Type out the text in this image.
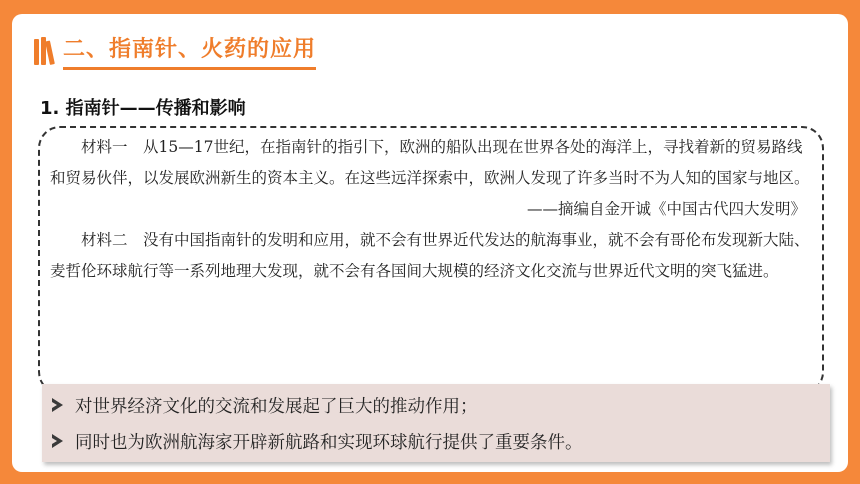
二、指南针、火药的应用
1. 指南针——传播和影响

材料一　从15—17世纪，在指南针的指引下，欧洲的船队出现在世界各处的海洋上，寻找着新的贸易路线和贸易伙伴，以发展欧洲新生的资本主义。在这些远洋探索中，欧洲人发现了许多当时不为人知的国家与地区。

——摘编自金开诚《中国古代四大发明》

材料二　没有中国指南针的发明和应用，就不会有世界近代发达的航海事业，就不会有哥伦布发现新大陆、麦哲伦环球航行等一系列地理大发现，就不会有各国间大规模的经济文化交流与世界近代文明的突飞猛进。

对世界经济文化的交流和发展起了巨大的推动作用；
同时也为欧洲航海家开辟新航路和实现环球航行提供了重要条件。
